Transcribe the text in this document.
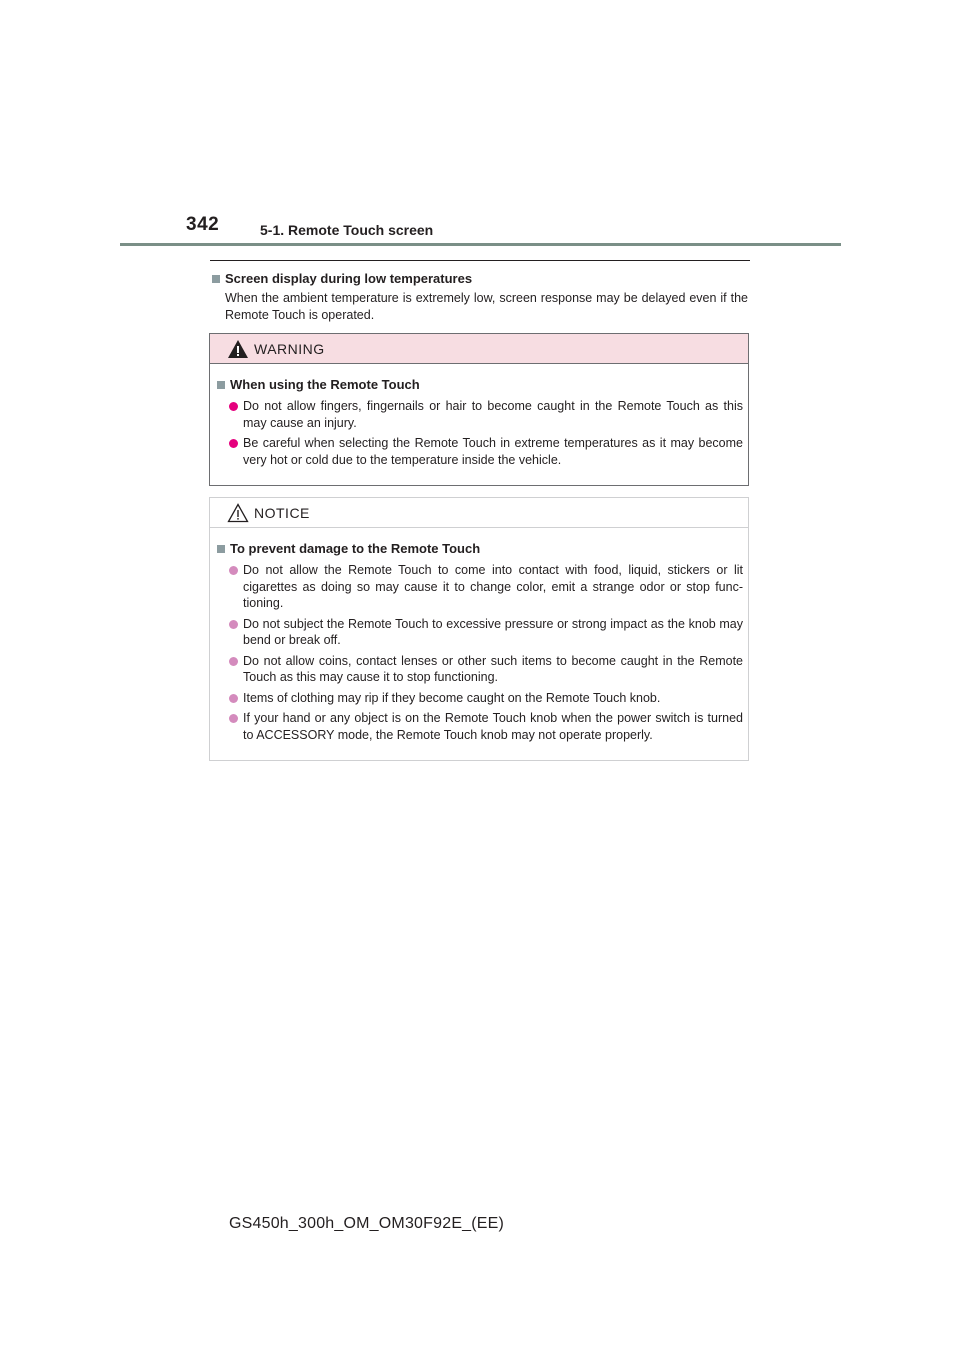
342	5-1. Remote Touch screen
Screen display during low temperatures
When the ambient temperature is extremely low, screen response may be delayed even if the Remote Touch is operated.
WARNING
When using the Remote Touch
Do not allow fingers, fingernails or hair to become caught in the Remote Touch as this may cause an injury.
Be careful when selecting the Remote Touch in extreme temperatures as it may become very hot or cold due to the temperature inside the vehicle.
NOTICE
To prevent damage to the Remote Touch
Do not allow the Remote Touch to come into contact with food, liquid, stickers or lit cigarettes as doing so may cause it to change color, emit a strange odor or stop func-tioning.
Do not subject the Remote Touch to excessive pressure or strong impact as the knob may bend or break off.
Do not allow coins, contact lenses or other such items to become caught in the Remote Touch as this may cause it to stop functioning.
Items of clothing may rip if they become caught on the Remote Touch knob.
If your hand or any object is on the Remote Touch knob when the power switch is turned to ACCESSORY mode, the Remote Touch knob may not operate properly.
GS450h_300h_OM_OM30F92E_(EE)
